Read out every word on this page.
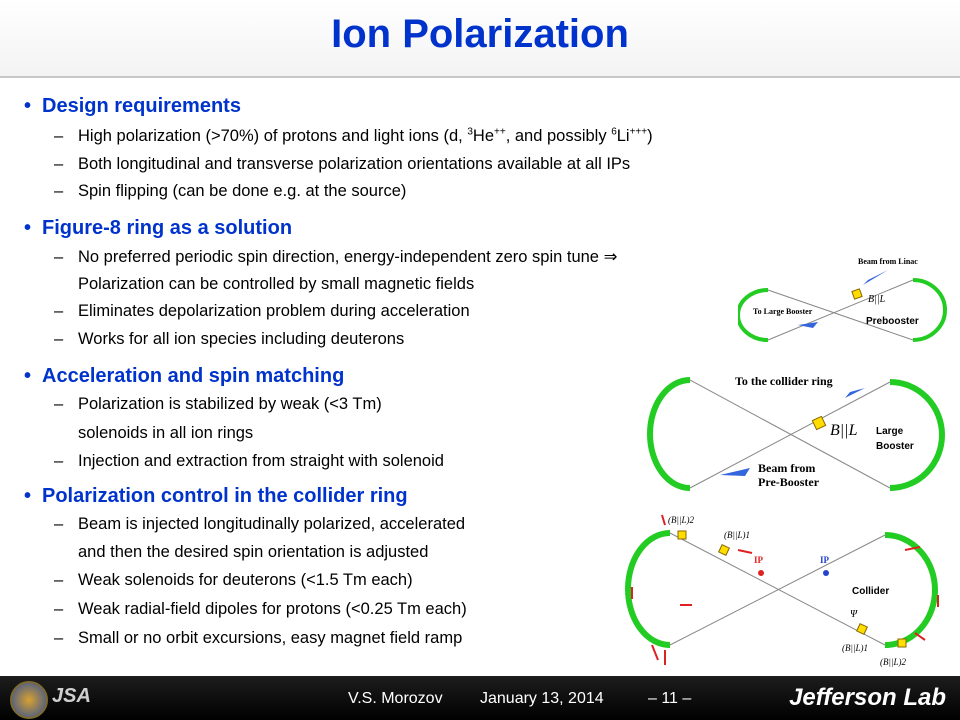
Ion Polarization
• Design requirements
– High polarization (>70%) of protons and light ions (d, $^3$He++, and possibly $^6$Li+++)
– Both longitudinal and transverse polarization orientations available at all IPs
– Spin flipping (can be done e.g. at the source)
• Figure-8 ring as a solution
– No preferred periodic spin direction, energy-independent zero spin tune ⇒
Polarization can be controlled by small magnetic fields
– Eliminates depolarization problem during acceleration
– Works for all ion species including deuterons
• Acceleration and spin matching
– Polarization is stabilized by weak (<3 Tm)
solenoids in all ion rings
– Injection and extraction from straight with solenoid
• Polarization control in the collider ring
– Beam is injected longitudinally polarized, accelerated
and then the desired spin orientation is adjusted
– Weak solenoids for deuterons (<1.5 Tm each)
– Weak radial-field dipoles for protons (<0.25 Tm each)
– Small or no orbit excursions, easy magnet field ramp
Beam from Linac
To Large Booster
B||L
Prebooster
To the collider ring
B||L
Beam from
Pre-Booster
Large
Booster
(B||L)2
(B||L)1
IP	IP
Ψ
(B||L)1
(B||L)2
Collider
JSA	V.S. Morozov January 13, 2014	– 11 –	Jefferson Lab
